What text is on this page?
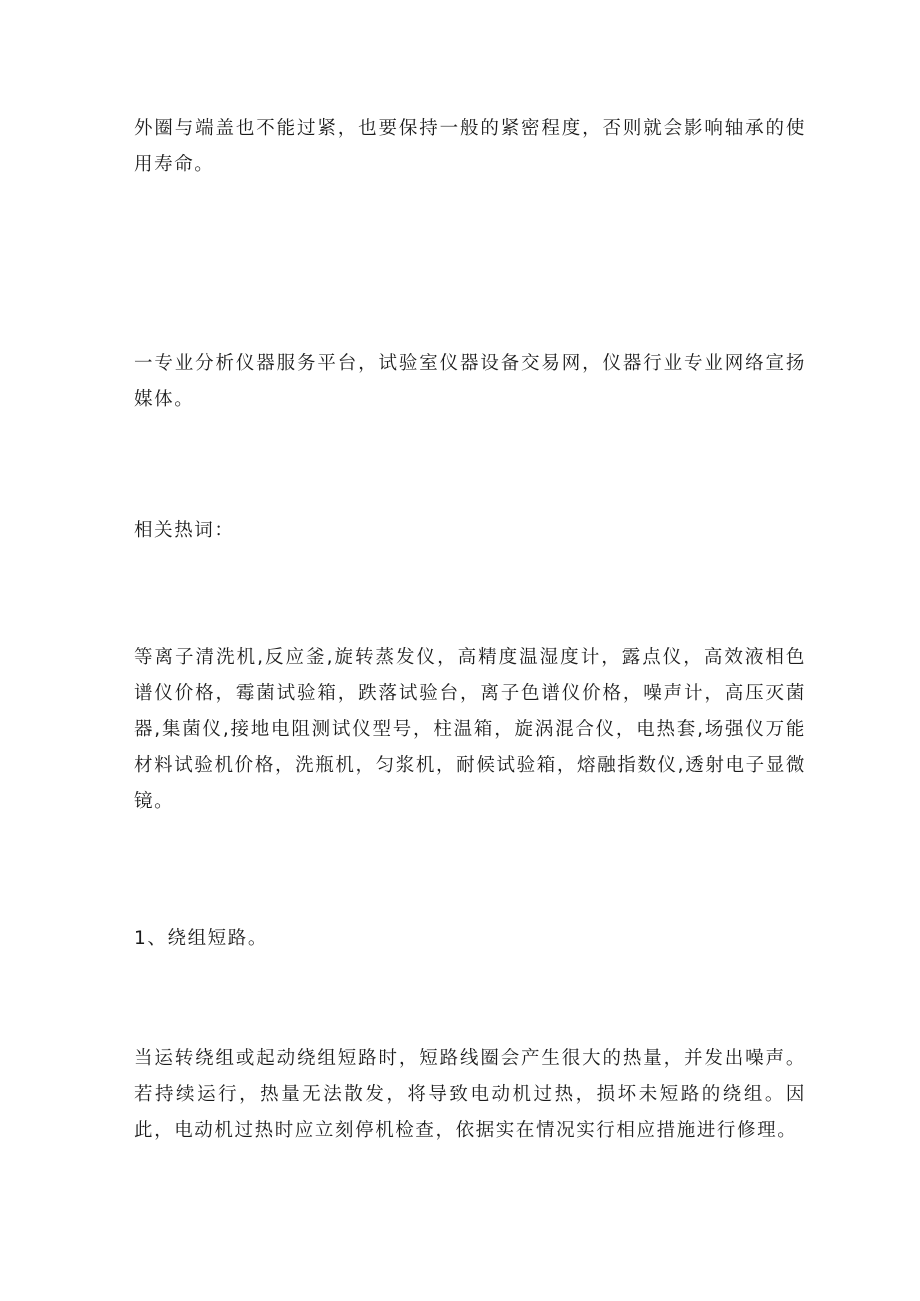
外圈与端盖也不能过紧，也要保持一般的紧密程度，否则就会影响轴承的使用寿命。

一专业分析仪器服务平台，试验室仪器设备交易网，仪器行业专业网络宣扬媒体。

相关热词：

等离子清洗机,反应釜,旋转蒸发仪，高精度温湿度计，露点仪，高效液相色谱仪价格，霉菌试验箱，跌落试验台，离子色谱仪价格，噪声计，高压灭菌器,集菌仪,接地电阻测试仪型号，柱温箱，旋涡混合仪，电热套,场强仪万能材料试验机价格，洗瓶机，匀浆机，耐候试验箱，熔融指数仪,透射电子显微镜。

1、绕组短路。

当运转绕组或起动绕组短路时，短路线圈会产生很大的热量，并发出噪声。若持续运行，热量无法散发，将导致电动机过热，损坏未短路的绕组。因此，电动机过热时应立刻停机检查，依据实在情况实行相应措施进行修理。
